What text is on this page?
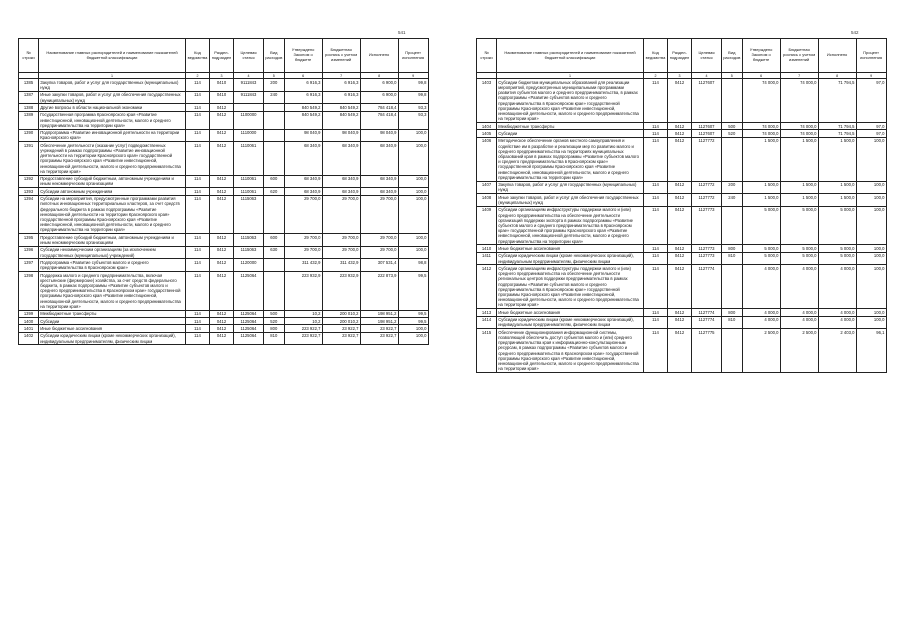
541
№ строки	Наименование главных распорядителей и наименование показателей бюджетной классификации	Код ведомства	Раздел-подраздел	Целевая статья	Вид расходов	Утверждено Законом о бюджете	Бюджетная роспись с учетом изменений	Исполнено	Процент исполнения
	1	2	3	4	5	6	7	8	9
1385	Закупка товаров, работ и услуг для государственных (муниципальных) нужд	114	0410	9111843	200	6 916,3	6 916,3	6 900,0	99,8
1387	Иные закупки товаров, работ и услуг для обеспечения государственных (муниципальных) нужд	114	0410	9111843	240	6 916,3	6 916,3	6 900,0	99,8
1388	Другие вопросы в области национальной экономики	114	0412			840 549,2	840 549,2	784 418,4	93,3
1389	Государственная программа Красноярского края «Развитие инвестиционной, инновационной деятельности, малого и среднего предпринимательства на территории края»	114	0412	1100000		840 549,2	840 549,2	784 418,4	93,3
1390	Подпрограмма «Развитие инновационной деятельности на территории Красноярского края»	114	0412	1110000		98 040,9	98 040,9	98 040,9	100,0
1391	Обеспечение деятельности (оказание услуг) подведомственных учреждений в рамках подпрограммы «Развитие инновационной деятельности на территории Красноярского края» государственной программы Красноярского края «Развитие инвестиционной, инновационной деятельности, малого и среднего предпринимательства на территории края»	114	0412	1110061		68 340,9	68 340,9	68 340,9	100,0
1392	Предоставление субсидий бюджетным, автономным учреждениям и иным некоммерческим организациям	114	0412	1110061	600	68 340,9	68 340,9	68 340,9	100,0
1393	Субсидии автономным учреждениям	114	0412	1110061	620	68 340,9	68 340,9	68 340,9	100,0
1394	Субсидии на мероприятия, предусмотренные программами развития пилотных инновационных территориальных кластеров, за счет средств федерального бюджета в рамках подпрограммы «Развитие инновационной деятельности на территории Красноярского края» государственной программы Красноярского края «Развитие инвестиционной, инновационной деятельности, малого и среднего предпринимательства на территории края»	114	0412	1115063		29 700,0	29 700,0	29 700,0	100,0
1395	Предоставление субсидий бюджетным, автономным учреждениям и иным некоммерческим организациям	114	0412	1115063	600	29 700,0	29 700,0	29 700,0	100,0
1396	Субсидии некоммерческим организациям (за исключением государственных (муниципальных) учреждений)	114	0412	1115063	630	29 700,0	29 700,0	29 700,0	100,0
1397	Подпрограмма «Развитие субъектов малого и среднего предпринимательства в Красноярском крае»	114	0412	1120000		311 432,9	311 432,9	307 531,4	98,8
1398	Поддержка малого и среднего предпринимательства, включая крестьянские (фермерские) хозяйства, за счет средств федерального бюджета, в рамках подпрограммы «Развитие субъектов малого и среднего предпринимательства в Красноярском крае» государственной программы Красноярского края «Развитие инвестиционной, инновационной деятельности, малого и среднего предпринимательства на территории края»	114	0412	1125064		223 932,9	223 932,9	222 873,9	99,5
1399	Межбюджетные трансферты	114	0412	1125064	500	10,2	200 010,2	198 951,2	99,5
1400	Субсидии	114	0412	1125064	520	10,2	200 010,2	198 951,2	99,5
1401	Иные бюджетные ассигнования	114	0412	1125064	800	223 922,7	23 922,7	23 922,7	100,0
1402	Субсидии юридическим лицам (кроме некоммерческих организаций), индивидуальным предпринимателям, физическим лицам	114	0412	1125064	810	223 922,7	23 922,7	23 922,7	100,0
542
№ строки	Наименование главных распорядителей и наименование показателей бюджетной классификации	Код ведомства	Раздел-подраздел	Целевая статья	Вид расходов	Утверждено Законом о бюджете	Бюджетная роспись с учетом изменений	Исполнено	Процент исполнения
	1	2	3	4	5	6	7	8	9
1403	Субсидии бюджетам муниципальных образований для реализации мероприятий, предусмотренных муниципальными программами развития субъектов малого и среднего предпринимательства, в рамках подпрограммы «Развитие субъектов малого и среднего предпринимательства в Красноярском крае» государственной программы Красноярского края «Развитие инвестиционной, инновационной деятельности, малого и среднего предпринимательства на территории края»	114	0412	1127607		74 000,0	74 000,0	71 794,5	97,0
1404	Межбюджетные трансферты	114	0412	1127607	500	74 000,0	74 000,0	71 794,5	97,0
1405	Субсидии	114	0412	1127607	520	74 000,0	74 000,0	71 794,5	97,0
1406	Методическое обеспечение органов местного самоуправления и содействие им в разработке и реализации мер по развитию малого и среднего предпринимательства на территориях муниципальных образований края в рамках подпрограммы «Развитие субъектов малого и среднего предпринимательства в Красноярском крае» государственной программы Красноярского края «Развитие инвестиционной, инновационной деятельности, малого и среднего предпринимательства на территории края»	114	0412	1127772		1 500,0	1 500,0	1 500,0	100,0
1407	Закупка товаров, работ и услуг для государственных (муниципальных) нужд	114	0412	1127772	200	1 500,0	1 500,0	1 500,0	100,0
1408	Иные закупки товаров, работ и услуг для обеспечения государственных (муниципальных) нужд	114	0412	1127772	240	1 500,0	1 500,0	1 500,0	100,0
1409	Субсидии организациям инфраструктуры поддержки малого и (или) среднего предпринимательства на обеспечение деятельности организаций поддержки экспорта в рамках подпрограммы «Развитие субъектов малого и среднего предпринимательства в Красноярском крае» государственной программы Красноярского края «Развитие инвестиционной, инновационной деятельности, малого и среднего предпринимательства на территории края»	114	0412	1127773		5 000,0	5 000,0	5 000,0	100,0
1410	Иные бюджетные ассигнования	114	0412	1127773	800	5 000,0	5 000,0	5 000,0	100,0
1411	Субсидии юридическим лицам (кроме некоммерческих организаций), индивидуальным предпринимателям, физическим лицам	114	0412	1127773	810	5 000,0	5 000,0	5 000,0	100,0
1412	Субсидии организациям инфраструктуры поддержки малого и (или) среднего предпринимательства на обеспечение деятельности региональных центров поддержки предпринимательства в рамках подпрограммы «Развитие субъектов малого и среднего предпринимательства в Красноярском крае» государственной программы Красноярского края «Развитие инвестиционной, инновационной деятельности, малого и среднего предпринимательства на территории края»	114	0412	1127774		4 000,0	4 000,0	4 000,0	100,0
1413	Иные бюджетные ассигнования	114	0412	1127774	800	4 000,0	4 000,0	4 000,0	100,0
1414	Субсидии юридическим лицам (кроме некоммерческих организаций), индивидуальным предпринимателям, физическим лицам	114	0412	1127774	810	4 000,0	4 000,0	4 000,0	100,0
1415	Обеспечение функционирования информационной системы, позволяющей обеспечить доступ субъектов малого и (или) среднего предпринимательства края к информационно-консультационным ресурсам, в рамках подпрограммы «Развитие субъектов малого и среднего предпринимательства в Красноярском крае» государственной программы Красноярского края «Развитие инвестиционной, инновационной деятельности, малого и среднего предпринимательства на территории края»	114	0412	1127775		2 500,0	2 500,0	2 403,0	96,1
